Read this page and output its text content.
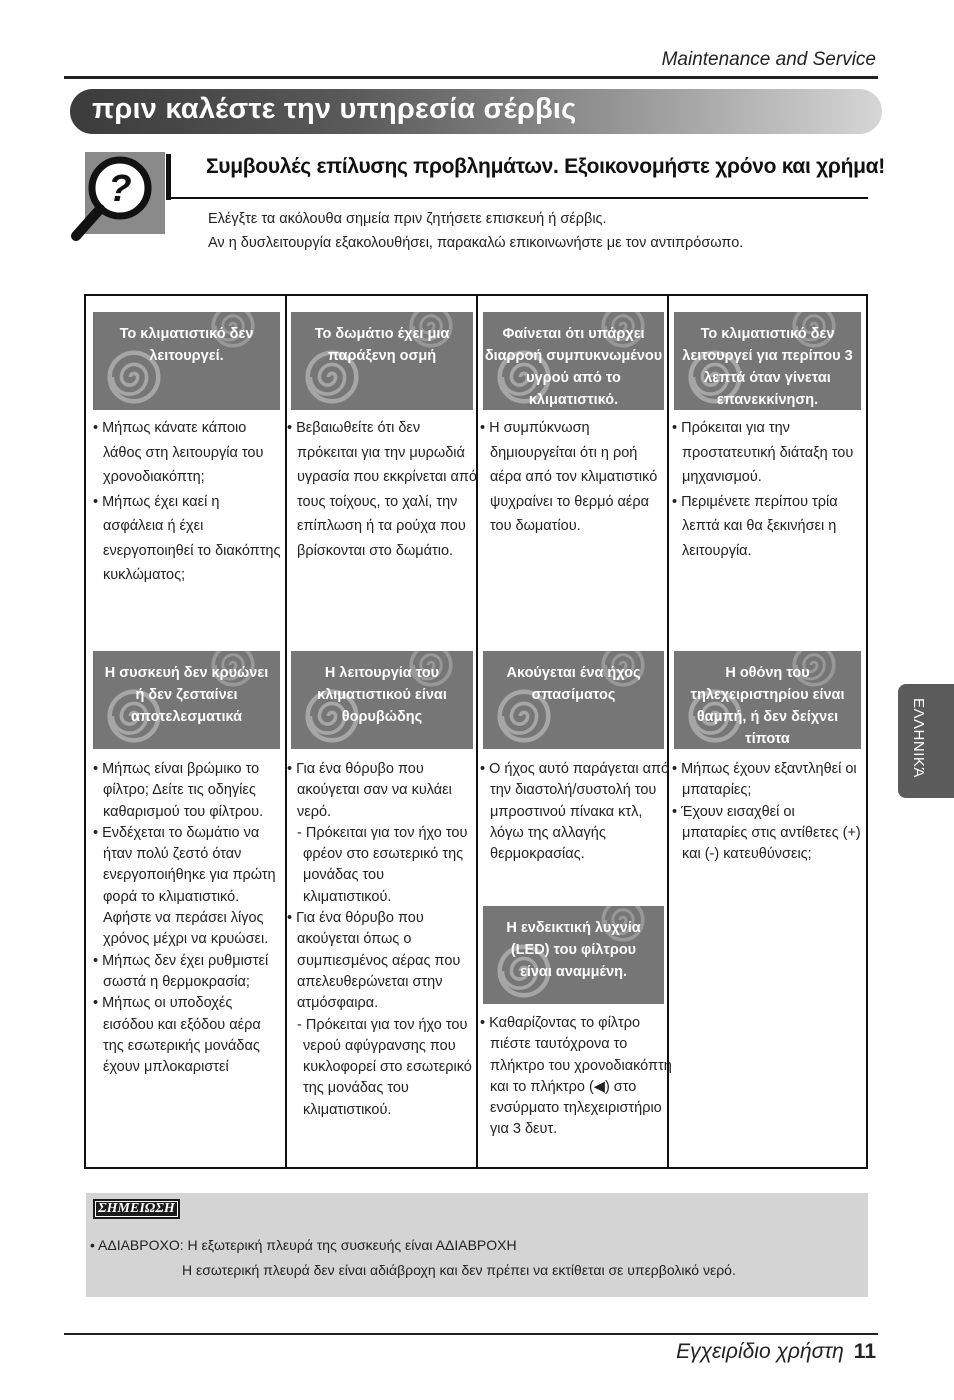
Maintenance and Service
πριν καλέστε την υπηρεσία σέρβις
?
Συμβουλές επίλυσης προβλημάτων. Εξοικονομήστε χρόνο και χρήμα!
Ελέγξτε τα ακόλουθα σημεία πριν ζητήσετε επισκευή ή σέρβις.
Αν η δυσλειτουργία εξακολουθήσει, παρακαλώ επικοινωνήστε με τον αντιπρόσωπο.
Το κλιματιστικό δεν
λειτουργεί.
• Μήπως κάνατε κάποιο
λάθος στη λειτουργία του
χρονοδιακόπτη;
• Μήπως έχει καεί η
ασφάλεια ή έχει
ενεργοποιηθεί το διακόπτης
κυκλώματος;
Το δωμάτιο έχει μια
παράξενη οσμή
• Βεβαιωθείτε ότι δεν
πρόκειται για την μυρωδιά
υγρασία που εκκρίνεται από
τους τοίχους, το χαλί, την
επίπλωση ή τα ρούχα που
βρίσκονται στο δωμάτιο.
Φαίνεται ότι υπάρχει
διαρροή συμπυκνωμένου
υγρού από το
κλιματιστικό.
• Η συμπύκνωση
δημιουργείται ότι η ροή
αέρα από τον κλιματιστικό
ψυχραίνει το θερμό αέρα
του δωματίου.
Το κλιματιστικό δεν
λειτουργεί για περίπου 3
λεπτά όταν γίνεται
επανεκκίνηση.
• Πρόκειται για την
προστατευτική διάταξη του
μηχανισμού.
• Περιμένετε περίπου τρία
λεπτά και θα ξεκινήσει η
λειτουργία.
Η συσκευή δεν κρυώνει
ή δεν ζεσταίνει
αποτελεσματικά
• Μήπως είναι βρώμικο το
φίλτρο; Δείτε τις οδηγίες
καθαρισμού του φίλτρου.
• Ενδέχεται το δωμάτιο να
ήταν πολύ ζεστό όταν
ενεργοποιήθηκε για πρώτη
φορά το κλιματιστικό.
Αφήστε να περάσει λίγος
χρόνος μέχρι να κρυώσει.
• Μήπως δεν έχει ρυθμιστεί
σωστά η θερμοκρασία;
• Μήπως οι υποδοχές
εισόδου και εξόδου αέρα
της εσωτερικής μονάδας
έχουν μπλοκαριστεί
Η λειτουργία του
κλιματιστικού είναι
θορυβώδης
• Για ένα θόρυβο που
ακούγεται σαν να κυλάει
νερό.
- Πρόκειται για τον ήχο του
φρέον στο εσωτερικό της
μονάδας του
κλιματιστικού.
• Για ένα θόρυβο που
ακούγεται όπως ο
συμπιεσμένος αέρας που
απελευθερώνεται στην
ατμόσφαιρα.
- Πρόκειται για τον ήχο του
νερού αφύγρανσης που
κυκλοφορεί στο εσωτερικό
της μονάδας του
κλιματιστικού.
Ακούγεται ένα ήχος
σπασίματος
• Ο ήχος αυτό παράγεται από
την διαστολή/συστολή του
μπροστινού πίνακα κτλ,
λόγω της αλλαγής
θερμοκρασίας.
Η ενδεικτική λυχνία
(LED) του φίλτρου
είναι αναμμένη.
• Καθαρίζοντας το φίλτρο
πιέστε ταυτόχρονα το
πλήκτρο του χρονοδιακόπτη
και το πλήκτρο (◀) στο
ενσύρματο τηλεχειριστήριο
για 3 δευτ.
Η οθόνη του
τηλεχειριστηρίου είναι
θαμπή, ή δεν δείχνει
τίποτα
• Μήπως έχουν εξαντληθεί οι
μπαταρίες;
• Έχουν εισαχθεί οι
μπαταρίες στις αντίθετες (+)
και (-) κατευθύνσεις;
ΣΗΜΕΙΩΣΗ
• ΑΔΙΑΒΡΟΧΟ: Η εξωτερική πλευρά της συσκευής είναι ΑΔΙΑΒΡΟΧΗ
Η εσωτερική πλευρά δεν είναι αδιάβροχη και δεν πρέπει να εκτίθεται σε υπερβολικό νερό.
ΕΛΛΗΝΙΚΆ
Εγχειρίδιο χρήστη 11
